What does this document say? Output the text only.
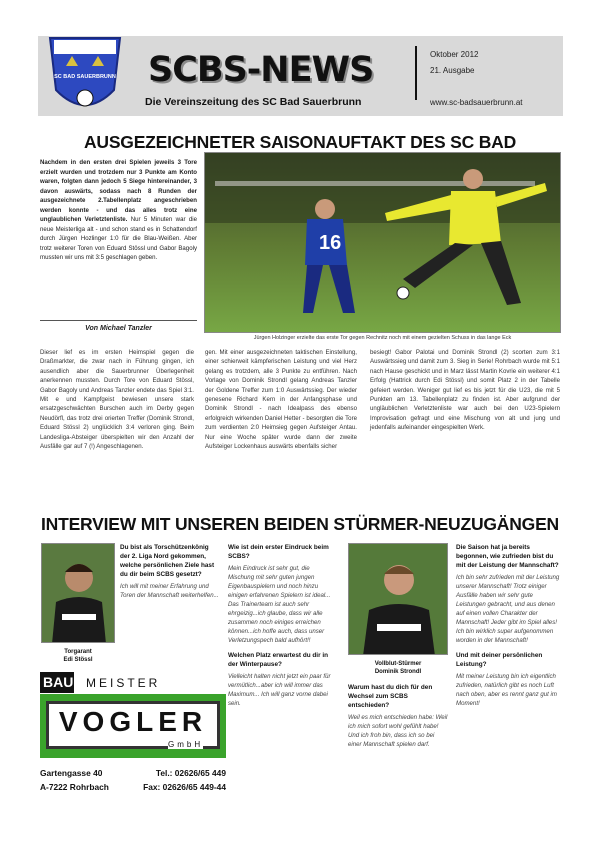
SC BAD SAUERBRUNN SCBS-NEWS
Die Vereinszeitung des SC Bad Sauerbrunn
Oktober 2012
21. Ausgabe
www.sc-badsauerbrunn.at
AUSGEZEICHNETER SAISONAUFTAKT DES SC BAD
Nachdem in den ersten drei Spielen jeweils 3 Tore erzielt wurden und trotzdem nur 3 Punkte am Konto waren, folgten dann jedoch 5 Siege hintereinander, 3 davon auswärts, sodass nach 8 Runden der ausgezeichnete 2.Tabellenplatz angeschrieben werden konnte - und das alles trotz eine unglaublichen Verletztenliste. Nur 5 Minuten war die neue Meisterliga alt - und schon stand es in Schattendorf durch Jürgen Hozlinger 1:0 für die Blau-Weißen. Aber trotz weiterer Toren von Eduard Stössl und Gabor Bagoly mussten wir uns mit 3:5 geschlagen geben.
Von Michael Tanzler
16
Jürgen Holzinger erzielte das erste Tor gegen Rechnitz noch mit einem gezielten Schuss in das lange Eck
Dieser lief es im ersten Heimspiel gegen die Draßmarkter, die zwar nach in Führung gingen, ich ausendlich aber die Sauerbrunner Überlegenheit anerkennen mussten. Durch Tore von Eduard Stössl, Gabor Bagoly und Andreas Tanzler endete das Spiel 3:1. Mit e und Kampfgeist bewiesen unsere stark ersatzgeschwächten Burschen auch im Derby gegen Neudörfl, das trotz drei orierten Treffer (Dominik Strondl, Eduard Stössl 2) unglücklich 3:4 verloren ging. Beim Landesliga-Absteiger überspielten wir den Anzahl der Ausfälle gar auf 7 (!) Angeschlagenen.
gen. Mit einer ausgezeichneten taktischen Einstellung, einer schierweit kämpferischen Leistung und viel Herz gelang es trotzdem, alle 3 Punkte zu entführen. Nach Vorlage von Dominik Strondl gelang Andreas Tanzler der Goldene Treffer zum 1:0 Auswärtssieg. Der wieder genesene Richard Kern in der Anfangsphase und Dominik Strondl - nach Idealpass des ebenso erfolgreich wirkenden Daniel Hetter - besorgten die Tore zum verdienten 2:0 Heimsieg gegen Aufsteiger Antau. Nur eine Woche später wurde dann der zweite Aufsteiger Lockenhaus auswärts ebenfalls sicher
besiegt! Gabor Palotai und Dominik Strondl (2) scorten zum 3:1 Auswärtssieg und damit zum 3. Sieg in Serie! Rohrbach wurde mit 5:1 nach Hause geschickt und in Marz lässt Martin Kovrie ein weiterer 4:1 Erfolg (Hattrick durch Edi Stössl) und somit Platz 2 in der Tabelle gefeiert werden. Weniger gut lief es bis jetzt für die U23, die mit 5 Punkten am 13. Tabellenplatz zu finden ist. Aber aufgrund der ungläublichen Verletztenliste war auch bei den U23-Spielern Improvisation gefragt und eine Mischung von alt und jung und jedenfalls aufeinander eingespielten Werk.
INTERVIEW MIT UNSEREN BEIDEN STÜRMER-NEUZUGÄNGEN
Torgarant
Edi Stössl
Du bist als Torschützenkönig der 2. Liga Nord gekommen, welche persönlichen Ziele hast du dir beim SCBS gesetzt?
Ich will mit meiner Erfahrung und Toren der Mannschaft weiterhelfen...
Wie ist dein erster Eindruck beim SCBS?
Mein Eindruck ist sehr gut, die Mischung mit sehr guten jungen Eigenbauspielern und noch hinzu einigen erfahrenen Spielern ist ideal... Das Trainerteam ist auch sehr ehrgeizig...ich glaube, dass wir alle zusammen noch einiges erreichen können...ich hoffe auch, dass unser Verletzungspech bald aufhört!!
Welchen Platz erwartest du dir in der Winterpause?
Vielleicht halten nicht jetzt ein paar für vermütlich...aber ich will immer das Maximum... Ich will ganz vorne dabei sein.
Vollblut-Stürmer
Dominik Strondl
Warum hast du dich für den Wechsel zum SCBS entschieden?
Weil es mich entschieden habe: Weil ich mich sofort wohl gefühlt habe! Und ich froh bin, dass ich so bei einer Mannschaft spielen darf.
Die Saison hat ja bereits begonnen, wie zufrieden bist du mit der Leistung der Mannschaft?
Ich bin sehr zufrieden mit der Leistung unserer Mannschaft! Trotz einiger Ausfälle haben wir sehr gute Leistungen gebracht, und aus denen auf einen vollen Charakter der Mannschaft! Jeder gibt im Spiel alles! Ich bin wirklich super aufgenommen worden in der Mannschaft!
Und mit deiner persönlichen Leistung?
Mit meiner Leistung bin ich eigentlich zufrieden, natürlich gibt es noch Luft nach oben, aber es rennt ganz gut im Moment!
BAU MEISTER
VOGLER
GmbH
Gartengasse 40
A-7222 Rohrbach
Tel.: 02626/65 449
Fax: 02626/65 449-44
